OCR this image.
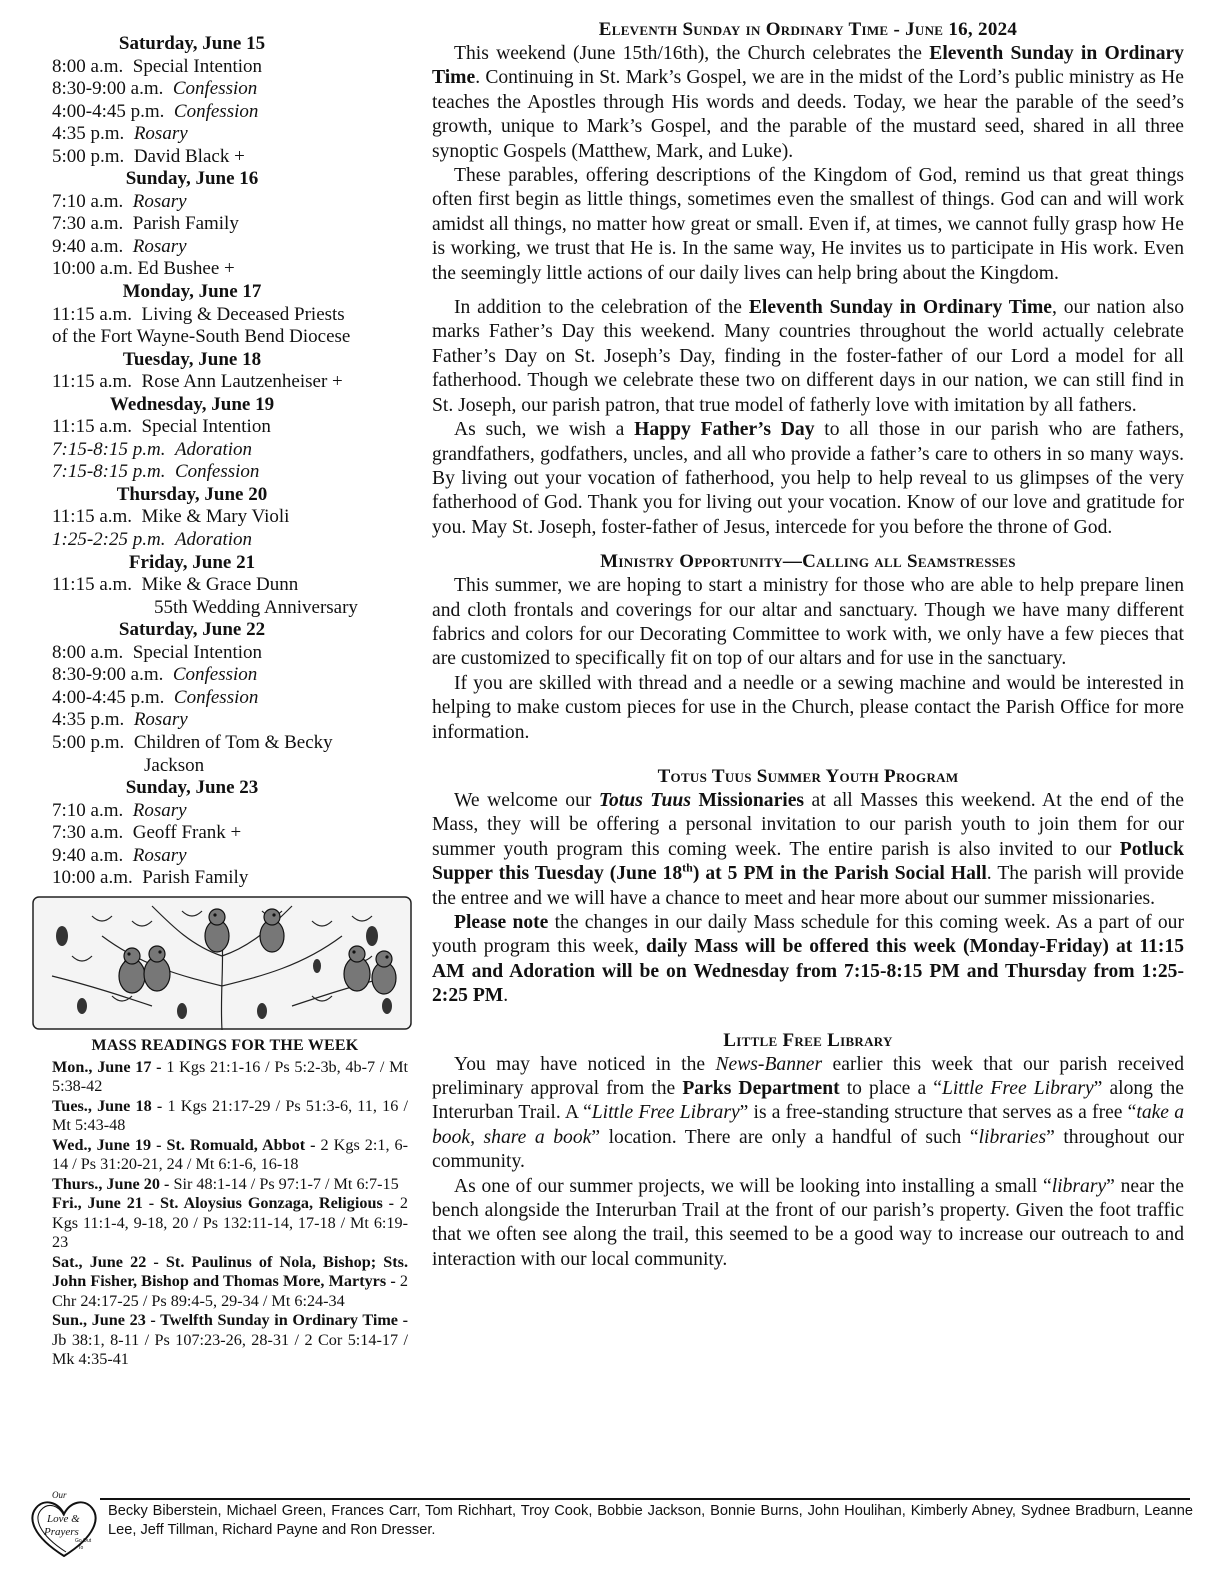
Saturday, June 15
8:00 a.m. Special Intention
8:30-9:00 a.m. Confession
4:00-4:45 p.m. Confession
4:35 p.m. Rosary
5:00 p.m. David Black +
Sunday, June 16
7:10 a.m. Rosary
7:30 a.m. Parish Family
9:40 a.m. Rosary
10:00 a.m. Ed Bushee +
Monday, June 17
11:15 a.m. Living & Deceased Priests
of the Fort Wayne-South Bend Diocese
Tuesday, June 18
11:15 a.m. Rose Ann Lautzenheiser +
Wednesday, June 19
11:15 a.m. Special Intention
7:15-8:15 p.m. Adoration
7:15-8:15 p.m. Confession
Thursday, June 20
11:15 a.m. Mike & Mary Violi
1:25-2:25 p.m. Adoration
Friday, June 21
11:15 a.m. Mike & Grace Dunn
55th Wedding Anniversary
Saturday, June 22
8:00 a.m. Special Intention
8:30-9:00 a.m. Confession
4:00-4:45 p.m. Confession
4:35 p.m. Rosary
5:00 p.m. Children of Tom & Becky
Jackson
Sunday, June 23
7:10 a.m. Rosary
7:30 a.m. Geoff Frank +
9:40 a.m. Rosary
10:00 a.m. Parish Family
MASS READINGS FOR THE WEEK
Mon., June 17 - 1 Kgs 21:1-16 / Ps 5:2-3b, 4b-7 / Mt 5:38-42
Tues., June 18 - 1 Kgs 21:17-29 / Ps 51:3-6, 11, 16 / Mt 5:43-48
Wed., June 19 - St. Romuald, Abbot - 2 Kgs 2:1, 6-14 / Ps 31:20-21, 24 / Mt 6:1-6, 16-18
Thurs., June 20 - Sir 48:1-14 / Ps 97:1-7 / Mt 6:7-15
Fri., June 21 - St. Aloysius Gonzaga, Religious - 2 Kgs 11:1-4, 9-18, 20 / Ps 132:11-14, 17-18 / Mt 6:19-23
Sat., June 22 - St. Paulinus of Nola, Bishop; Sts. John Fisher, Bishop and Thomas More, Martyrs - 2 Chr 24:17-25 / Ps 89:4-5, 29-34 / Mt 6:24-34
Sun., June 23 - Twelfth Sunday in Ordinary Time - Jb 38:1, 8-11 / Ps 107:23-26, 28-31 / 2 Cor 5:14-17 / Mk 4:35-41
Eleventh Sunday in Ordinary Time - June 16, 2024

This weekend (June 15th/16th), the Church celebrates the Eleventh Sunday in Ordinary Time. Continuing in St. Mark’s Gospel, we are in the midst of the Lord’s public ministry as He teaches the Apostles through His words and deeds. Today, we hear the parable of the seed’s growth, unique to Mark’s Gospel, and the parable of the mustard seed, shared in all three synoptic Gospels (Matthew, Mark, and Luke).

These parables, offering descriptions of the Kingdom of God, remind us that great things often first begin as little things, sometimes even the smallest of things. God can and will work amidst all things, no matter how great or small. Even if, at times, we cannot fully grasp how He is working, we trust that He is. In the same way, He invites us to participate in His work. Even the seemingly little actions of our daily lives can help bring about the Kingdom.

In addition to the celebration of the Eleventh Sunday in Ordinary Time, our nation also marks Father’s Day this weekend. Many countries throughout the world actually celebrate Father’s Day on St. Joseph’s Day, finding in the foster-father of our Lord a model for all fatherhood. Though we celebrate these two on different days in our nation, we can still find in St. Joseph, our parish patron, that true model of fatherly love with imitation by all fathers.

As such, we wish a Happy Father’s Day to all those in our parish who are fathers, grandfathers, godfathers, uncles, and all who provide a father’s care to others in so many ways. By living out your vocation of fatherhood, you help to help reveal to us glimpses of the very fatherhood of God. Thank you for living out your vocation. Know of our love and gratitude for you. May St. Joseph, foster-father of Jesus, intercede for you before the throne of God.

Ministry Opportunity—Calling all Seamstresses

This summer, we are hoping to start a ministry for those who are able to help prepare linen and cloth frontals and coverings for our altar and sanctuary. Though we have many different fabrics and colors for our Decorating Committee to work with, we only have a few pieces that are customized to specifically fit on top of our altars and for use in the sanctuary.

If you are skilled with thread and a needle or a sewing machine and would be interested in helping to make custom pieces for use in the Church, please contact the Parish Office for more information.

Totus Tuus Summer Youth Program

We welcome our Totus Tuus Missionaries at all Masses this weekend. At the end of the Mass, they will be offering a personal invitation to our parish youth to join them for our summer youth program this coming week. The entire parish is also invited to our Potluck Supper this Tuesday (June 18th) at 5 PM in the Parish Social Hall. The parish will provide the entree and we will have a chance to meet and hear more about our summer missionaries.

Please note the changes in our daily Mass schedule for this coming week. As a part of our youth program this week, daily Mass will be offered this week (Monday-Friday) at 11:15 AM and Adoration will be on Wednesday from 7:15-8:15 PM and Thursday from 1:25-2:25 PM.

Little Free Library

You may have noticed in the News-Banner earlier this week that our parish received preliminary approval from the Parks Department to place a “Little Free Library” along the Interurban Trail. A “Little Free Library” is a free-standing structure that serves as a free “take a book, share a book” location. There are only a handful of such “libraries” throughout our community.

As one of our summer projects, we will be looking into installing a small “library” near the bench alongside the Interurban Trail at the front of our parish’s property. Given the foot traffic that we often see along the trail, this seemed to be a good way to increase our outreach to and interaction with our local community.

Our Love & Prayers Go Out To
Our
Love &
Prayers
Go Out
To
Becky Biberstein, Michael Green, Frances Carr, Tom Richhart, Troy Cook, Bobbie Jackson, Bonnie Burns, John Houlihan, Kimberly Abney, Sydnee Bradburn, Leanne Lee, Jeff Tillman, Richard Payne and Ron Dresser.
